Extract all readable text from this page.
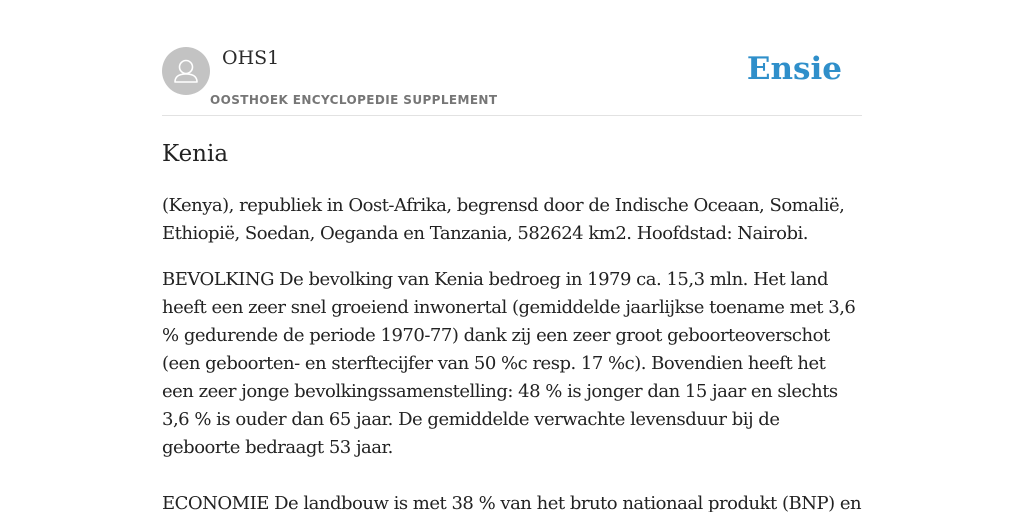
OHS1
OOSTHOEK ENCYCLOPEDIE SUPPLEMENT
Ensie
Kenia

(Kenya), republiek in Oost-Afrika, begrensd door de Indische Oceaan, Somalië, Ethiopië, Soedan, Oeganda en Tanzania, 582624 km2. Hoofdstad: Nairobi.

BEVOLKING De bevolking van Kenia bedroeg in 1979 ca. 15,3 mln. Het land heeft een zeer snel groeiend inwonertal (gemiddelde jaarlijkse toename met 3,6 % gedurende de periode 1970-77) dank zij een zeer groot geboorteoverschot (een geboorten- en sterftecijfer van 50 %c resp. 17 %c). Bovendien heeft het een zeer jonge bevolkingssamenstelling: 48 % is jonger dan 15 jaar en slechts 3,6 % is ouder dan 65 jaar. De gemiddelde verwachte levensduur bij de geboorte bedraagt 53 jaar.

ECONOMIE De landbouw is met 38 % van het bruto nationaal produkt (BNP) en
